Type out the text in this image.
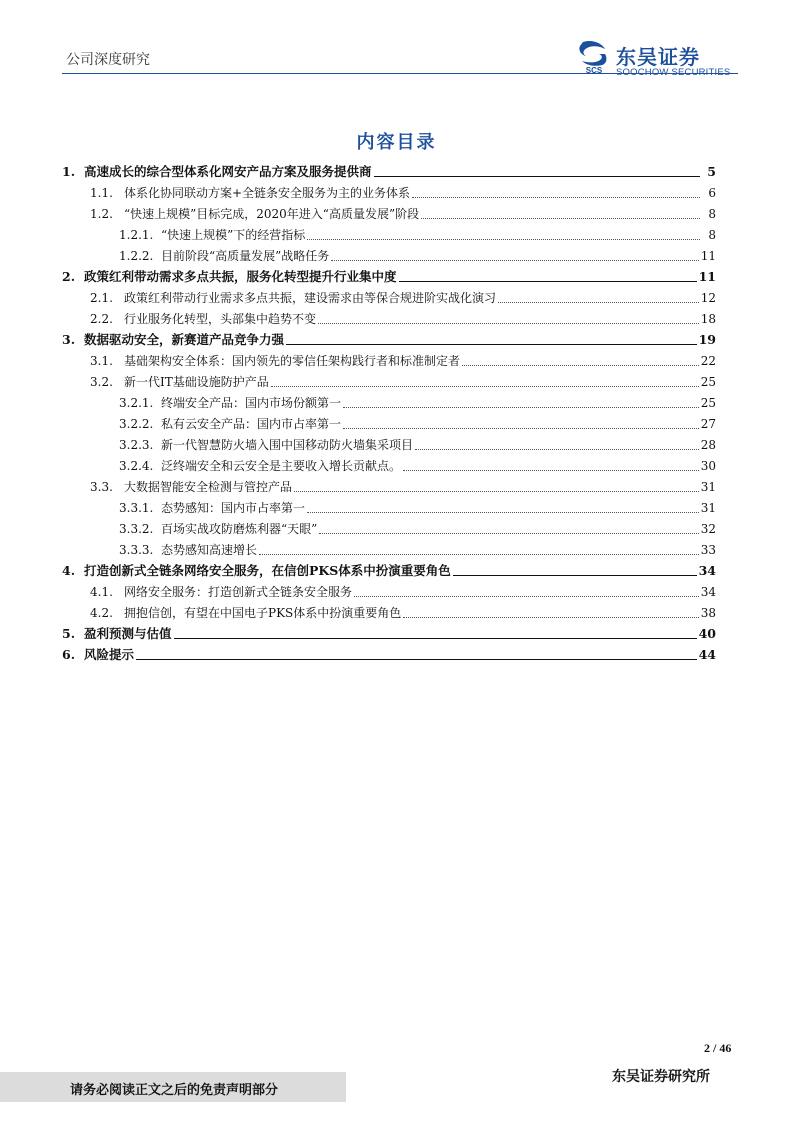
公司深度研究
SCS
东吴证券
SOOCHOW SECURITIES
内容目录
1. 高速成长的综合型体系化网安产品方案及服务提供商	5
1.1. 体系化协同联动方案+全链条安全服务为主的业务体系	6
1.2. “快速上规模”目标完成，2020年进入“高质量发展”阶段	8
1.2.1. “快速上规模”下的经营指标	8
1.2.2. 目前阶段“高质量发展”战略任务	11
2. 政策红利带动需求多点共振，服务化转型提升行业集中度	11
2.1. 政策红利带动行业需求多点共振，建设需求由等保合规进阶实战化演习	12
2.2. 行业服务化转型，头部集中趋势不变	18
3. 数据驱动安全，新赛道产品竞争力强	19
3.1. 基础架构安全体系：国内领先的零信任架构践行者和标准制定者	22
3.2. 新一代IT基础设施防护产品	25
3.2.1. 终端安全产品：国内市场份额第一	25
3.2.2. 私有云安全产品：国内市占率第一	27
3.2.3. 新一代智慧防火墙入围中国移动防火墙集采项目	28
3.2.4. 泛终端安全和云安全是主要收入增长贡献点。	30
3.3. 大数据智能安全检测与管控产品	31
3.3.1. 态势感知：国内市占率第一	31
3.3.2. 百场实战攻防磨炼利器“天眼”	32
3.3.3. 态势感知高速增长	33
4. 打造创新式全链条网络安全服务，在信创PKS体系中扮演重要角色	34
4.1. 网络安全服务：打造创新式全链条安全服务	34
4.2. 拥抱信创，有望在中国电子PKS体系中扮演重要角色	38
5. 盈利预测与估值	40
6. 风险提示	44
2 / 46
请务必阅读正文之后的免责声明部分
东吴证券研究所
